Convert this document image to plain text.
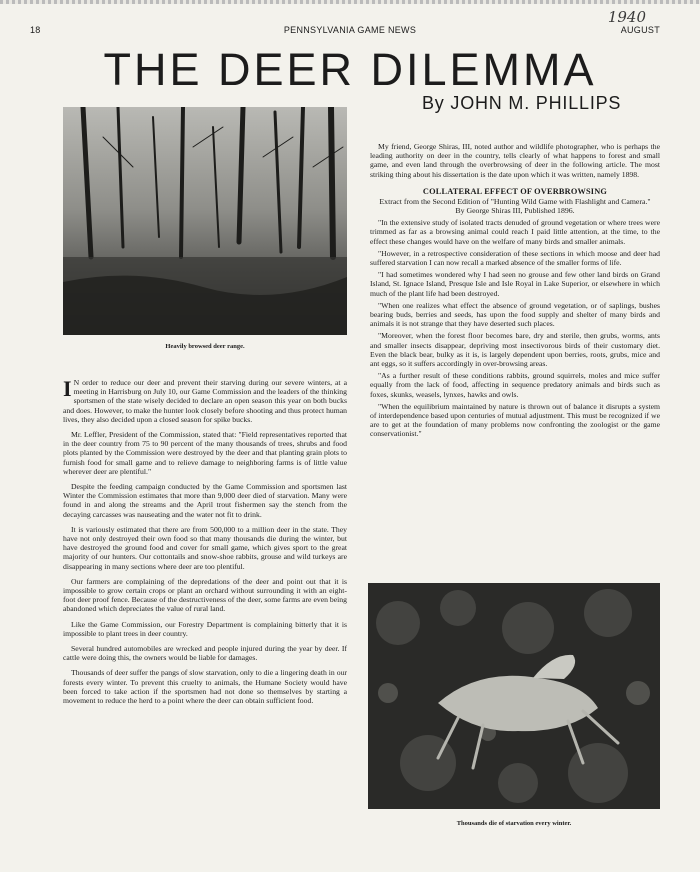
18	PENNSYLVANIA GAME NEWS	AUGUST
1940
THE DEER DILEMMA
By JOHN M. PHILLIPS
Heavily browsed deer range.

I N order to reduce our deer and prevent their starving during our severe winters, at a meeting in Harrisburg on July 10, our Game Commission and the leaders of the thinking sportsmen of the state wisely decided to declare an open season this year on both bucks and does. However, to make the hunter look closely before shooting and thus protect human lives, they also decided upon a closed season for spike bucks.

Mr. Leffler, President of the Commission, stated that: "Field representatives reported that in the deer country from 75 to 90 percent of the many thousands of trees, shrubs and food plots planted by the Commission were destroyed by the deer and that planting grain plots to furnish food for small game and to relieve damage to neighboring farms is of little value wherever deer are plentiful."

Despite the feeding campaign conducted by the Game Commission and sportsmen last Winter the Commission estimates that more than 9,000 deer died of starvation. Many were found in and along the streams and the April trout fishermen say the stench from the decaying carcasses was nauseating and the water not fit to drink.

It is variously estimated that there are from 500,000 to a million deer in the state. They have not only destroyed their own food so that many thousands die during the winter, but have destroyed the ground food and cover for small game, which gives sport to the great majority of our hunters. Our cottontails and snow-shoe rabbits, grouse and wild turkeys are disappearing in many sections where deer are too plentiful.

Our farmers are complaining of the depredations of the deer and point out that it is impossible to grow certain crops or plant an orchard without surrounding it with an eight-foot deer proof fence. Because of the destructiveness of the deer, some farms are even being abandoned which depreciates the value of rural land.

Like the Game Commission, our Forestry Department is complaining bitterly that it is impossible to plant trees in deer country.

Several hundred automobiles are wrecked and people injured during the year by deer. If cattle were doing this, the owners would be liable for damages.

Thousands of deer suffer the pangs of slow starvation, only to die a lingering death in our forests every winter. To prevent this cruelty to animals, the Humane Society would have been forced to take action if the sportsmen had not done so themselves by starting a movement to reduce the herd to a point where the deer can obtain sufficient food.

My friend, George Shiras, III, noted author and wildlife photographer, who is perhaps the leading authority on deer in the country, tells clearly of what happens to forest and small game, and even land through the overbrowsing of deer in the following article. The most striking thing about his dissertation is the date upon which it was written, namely 1898.

COLLATERAL EFFECT OF OVERBROWSING
Extract from the Second Edition of "Hunting Wild Game with Flashlight and Camera."
By George Shiras III, Published 1896.

"In the extensive study of isolated tracts denuded of ground vegetation or where trees were trimmed as far as a browsing animal could reach I paid little attention, at the time, to the effect these changes would have on the welfare of many birds and smaller animals.

"However, in a retrospective consideration of these sections in which moose and deer had suffered starvation I can now recall a marked absence of the smaller forms of life.

"I had sometimes wondered why I had seen no grouse and few other land birds on Grand Island, St. Ignace Island, Presque Isle and Isle Royal in Lake Superior, or elsewhere in which much of the plant life had been destroyed.

"When one realizes what effect the absence of ground vegetation, or of saplings, bushes bearing buds, berries and seeds, has upon the food supply and shelter of many birds and animals it is not strange that they have deserted such places.

"Moreover, when the forest floor becomes bare, dry and sterile, then grubs, worms, ants and smaller insects disappear, depriving most insectivorous birds of their customary diet. Even the black bear, bulky as it is, is largely dependent upon berries, roots, grubs, mice and ant eggs, so it suffers accordingly in over-browsing areas.

"As a further result of these conditions rabbits, ground squirrels, moles and mice suffer equally from the lack of food, affecting in sequence predatory animals and birds such as foxes, skunks, weasels, lynxes, hawks and owls.

"When the equilibrium maintained by nature is thrown out of balance it disrupts a system of interdependence based upon centuries of mutual adjustment. This must be recognized if we are to get at the foundation of many problems now confronting the zoologist or the game conservationist."

Thousands die of starvation every winter.
